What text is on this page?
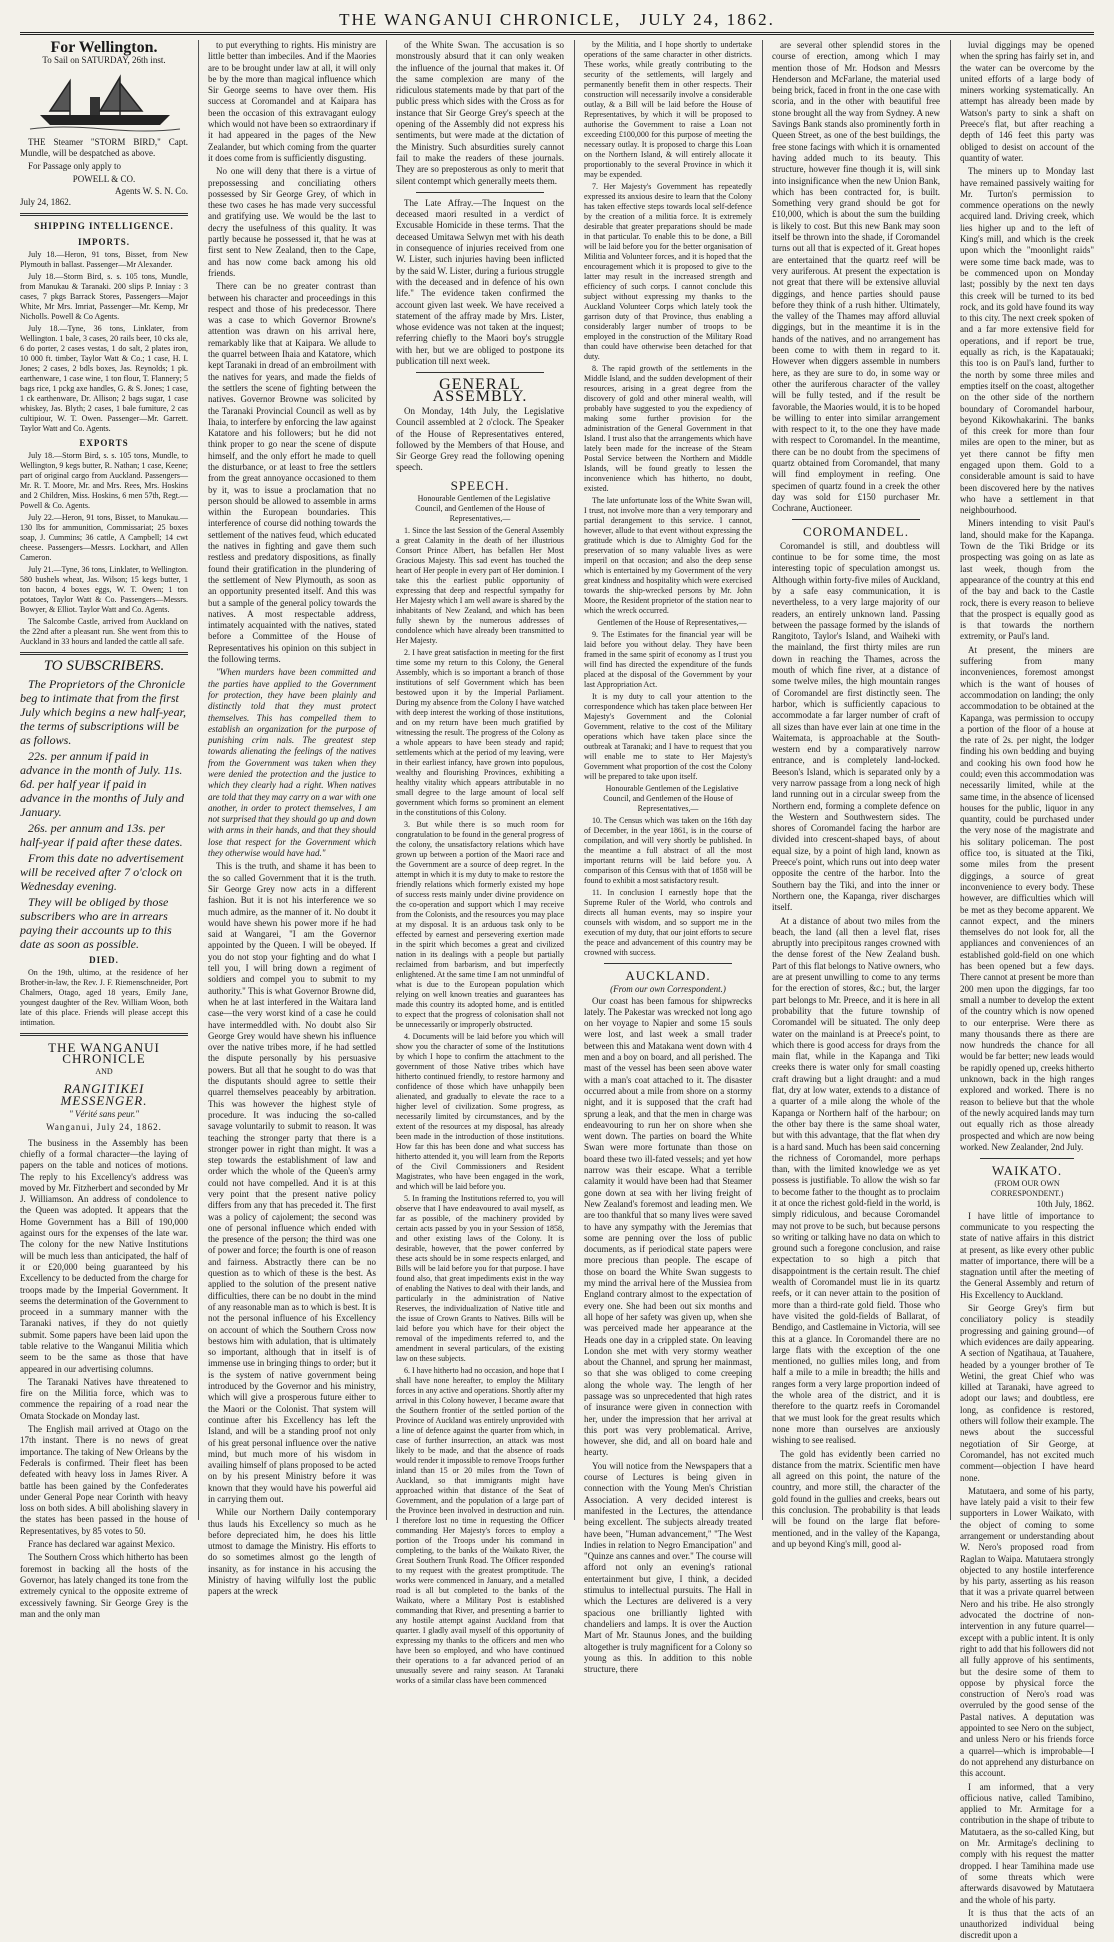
THE WANGANUI CHRONICLE, JULY 24, 1862.
For Wellington.
To Sail on SATURDAY, 26th inst.

THE Steamer "STORM BIRD," Capt. Mundle, will be despatched as above.

For Passage only apply to

POWELL & CO.
Agents W. S. N. Co.
July 24, 1862.
SHIPPING INTELLIGENCE.
IMPORTS.

July 18.—Heron, 91 tons, Bisset, from New Plymouth in ballast. Passenger—Mr Alexander.

July 18.—Storm Bird, s. s. 105 tons, Mundle, from Manukau & Taranaki. 200 slips P. Inniay : 3 cases, 7 pkgs Barrack Stores, Passengers—Major White, Mr Mrs. Imriat, Passenger—Mr. Kemp, Mr Nicholls. Powell & Co Agents.

July 18.—Tyne, 36 tons, Linklater, from Wellington. 1 bale, 3 cases, 20 rails beer, 10 cks ale, 6 do porter, 2 cases vestas, 1 do salt, 2 plates iron, 10 000 ft. timber, Taylor Watt & Co.; 1 case, H. I. Jones; 2 cases, 2 bdls boxes, Jas. Reynolds; 1 pk. earthenware, 1 case wine, 1 ton flour, T. Flannery; 5 bags rice, 1 pckg axe handles, G. & S. Jones; 1 case, 1 ck earthenware, Dr. Allison; 2 bags sugar, 1 case whiskey, Jas. Blyth; 2 cases, 1 bale furniture, 2 cas cultipiour, W. T. Owen. Passenger—Mr. Garrett. Taylor Watt and Co. Agents.

EXPORTS

July 18.—Storm Bird, s. s. 105 tons, Mundle, to Wellington, 9 kegs butter, R. Nathan; 1 case, Keene; part of original cargo from Auckland. Passengers—Mr. R. T. Moore, Mr. and Mrs. Rees, Mrs. Hoskins and 2 Children, Miss. Hoskins, 6 men 57th, Regt.—Powell & Co. Agents.

July 22.—Heron, 91 tons, Bisset, to Manukau.—130 lbs for ammunition, Commissariat; 25 boxes soap, J. Cummins; 36 cattle, A Campbell; 14 cwt cheese. Passengers—Messrs. Lockhart, and Allen Cameron.

July 21.—Tyne, 36 tons, Linklater, to Wellington. 580 bushels wheat, Jas. Wilson; 15 kegs butter, 1 ton bacon, 4 boxes eggs, W. T. Owen; 1 ton potatoes, Taylor Watt & Co. Passengers—Messrs. Bowyer, & Elliot. Taylor Watt and Co. Agents.

The Salcombe Castle, arrived from Auckland on the 22nd after a pleasant run. She went from this to Auckland in 33 hours and landed the cattle all safe.

TO SUBSCRIBERS.

The Proprietors of the Chronicle beg to intimate that from the first July which begins a new half-year, the terms of subscriptions will be as follows.

22s. per annum if paid in advance in the month of July. 11s. 6d. per half year if paid in advance in the months of July and January.

26s. per annum and 13s. per half-year if paid after these dates.

From this date no advertisement will be received after 7 o'clock on Wednesday evening.

They will be obliged by those subscribers who are in arrears paying their accounts up to this date as soon as possible.

DIED.

On the 19th, ultimo, at the residence of her Brother-in-law, the Rev. J. F. Riemenschneider, Port Chalmers, Otago, aged 18 years, Emily Jane, youngest daughter of the Rev. William Woon, both late of this place. Friends will please accept this intimation.

THE WANGANUI CHRONICLE
AND
RANGITIKEI MESSENGER.
" Vérité sans peur."
Wanganui, July 24, 1862.

The business in the Assembly has been chiefly of a formal character—the laying of papers on the table and notices of motions. The reply to his Excellency's address was moved by Mr. Fitzherbert and seconded by Mr J. Williamson. An address of condolence to the Queen was adopted. It appears that the Home Government has a Bill of 190,000 against ours for the expenses of the late war. The colony for the new Native Institutions will be much less than anticipated, the half of it or £20,000 being guaranteed by his Excellency to be deducted from the charge for troops made by the Imperial Government. It seems the determination of the Government to proceed in a summary manner with the Taranaki natives, if they do not quietly submit. Some papers have been laid upon the table relative to the Wanganui Militia which seem to be the same as those that have appeared in our advertising columns.

The Taranaki Natives have threatened to fire on the Militia force, which was to commence the repairing of a road near the Omata Stockade on Monday last.

The English mail arrived at Otago on the 17th instant. There is no news of great importance. The taking of New Orleans by the Federals is confirmed. Their fleet has been defeated with heavy loss in James River. A battle has been gained by the Confederates under General Pope near Corinth with heavy loss on both sides. A bill abolishing slavery in the states has been passed in the house of Representatives, by 85 votes to 50.

France has declared war against Mexico.

The Southern Cross which hitherto has been foremost in backing all the hosts of the Governor, has lately changed its tone from the extremely cynical to the opposite extreme of excessively fawning. Sir George Grey is the man and the only man

to put everything to rights. His ministry are little better than imbeciles. And if the Maories are to be brought under law at all, it will only be by the more than magical influence which Sir George seems to have over them. His success at Coromandel and at Kaipara has been the occasion of this extravagant eulogy which would not have been so extraordinary if it had appeared in the pages of the New Zealander, but which coming from the quarter it does come from is sufficiently disgusting.

No one will deny that there is a virtue of prepossessing and conciliating others possessed by Sir George Grey, of which in these two cases he has made very successful and gratifying use. We would be the last to decry the usefulness of this quality. It was partly because he possessed it, that he was at first sent to New Zealand, then to the Cape, and has now come back among his old friends.

There can be no greater contrast than between his character and proceedings in this respect and those of his predecessor. There was a case to which Governor Browne's attention was drawn on his arrival here, remarkably like that at Kaipara. We allude to the quarrel between Ihaia and Katatore, which kept Taranaki in dread of an embroilment with the natives for years, and made the fields of the settlers the scene of fighting between the natives. Governor Browne was solicited by the Taranaki Provincial Council as well as by Ihaia, to interfere by enforcing the law against Katatore and his followers; but he did not think proper to go near the scene of dispute himself, and the only effort he made to quell the disturbance, or at least to free the settlers from the great annoyance occasioned to them by it, was to issue a proclamation that no person should be allowed to assemble in arms within the European boundaries. This interference of course did nothing towards the settlement of the natives feud, which educated the natives in fighting and gave them such restless and predatory dispositions, as finally found their gratification in the plundering of the settlement of New Plymouth, as soon as an opportunity presented itself. And this was but a sample of the general policy towards the natives. A most respectable address, intimately acquainted with the natives, stated before a Committee of the House of Representatives his opinion on this subject in the following terms.

"When murders have been committed and the parties have applied to the Government for protection, they have been plainly and distinctly told that they must protect themselves. This has compelled them to establish an organization for the purpose of punishing crim nals. The greatest step towards alienating the feelings of the natives from the Government was taken when they were denied the protection and the justice to which they clearly had a right. When natives are told that they may carry on a war with one another, in order to protect themselves, I am not surprised that they should go up and down with arms in their hands, and that they should lose that respect for the Government which they otherwise would have had."

This is the truth, and shame it has been to the so called Government that it is the truth. Sir George Grey now acts in a different fashion. But it is not his interference we so much admire, as the manner of it. No doubt it would have shewn his power more if he had said at Wangarei, "I am the Governor appointed by the Queen. I will be obeyed. If you do not stop your fighting and do what I tell you, I will bring down a regiment of soldiers and compel you to submit to my authority." This is what Governor Browne did, when he at last interfered in the Waitara land case—the very worst kind of a case he could have intermeddled with. No doubt also Sir George Grey would have shewn his influence over the native tribes more, if he had settled the dispute personally by his persuasive powers. But all that he sought to do was that the disputants should agree to settle their quarrel themselves peaceably by arbitration. This was however the highest style of procedure. It was inducing the so-called savage voluntarily to submit to reason. It was teaching the stronger party that there is a stronger power in right than might. It was a step towards the establishment of law and order which the whole of the Queen's army could not have compelled. And it is at this very point that the present native policy differs from any that has preceded it. The first was a policy of cajolement; the second was one of personal influence which ended with the presence of the person; the third was one of power and force; the fourth is one of reason and fairness. Abstractly there can be no question as to which of these is the best. As applied to the solution of the present native difficulties, there can be no doubt in the mind of any reasonable man as to which is best. It is not the personal influence of his Excellency on account of which the Southern Cross now bestows him with adulation, that is ultimately so important, although that in itself is of immense use in bringing things to order; but it is the system of native government being introduced by the Governor and his ministry, which will give a prosperous future either to the Maori or the Colonist. That system will continue after his Excellency has left the Island, and will be a standing proof not only of his great personal influence over the native mind, but much more of his wisdom in availing himself of plans proposed to be acted on by his present Ministry before it was known that they would have his powerful aid in carrying them out.

While our Northern Daily contemporary thus lauds his Excellency so much as he before depreciated him, he does his little utmost to damage the Ministry. His efforts to do so sometimes almost go the length of insanity, as for instance in his accusing the Ministry of having wilfully lost the public papers at the wreck

of the White Swan. The accusation is so monstrously absurd that it can only weaken the influence of the journal that makes it. Of the same complexion are many of the ridiculous statements made by that part of the public press which sides with the Cross as for instance that Sir George Grey's speech at the opening of the Assembly did not express his sentiments, but were made at the dictation of the Ministry. Such absurdities surely cannot fail to make the readers of these journals. They are so preposterous as only to merit that silent contempt which generally meets them.

The Late Affray.—The Inquest on the deceased maori resulted in a verdict of Excusable Homicide in these terms. That the deceased Umitawa Selwyn met with his death in consequence of injuries received from one W. Lister, such injuries having been inflicted by the said W. Lister, during a furious struggle with the deceased and in defence of his own life." The evidence taken confirmed the account given last week. We have received a statement of the affray made by Mrs. Lister, whose evidence was not taken at the inquest; referring chiefly to the Maori boy's struggle with her, but we are obliged to postpone its publication till next week.

GENERAL ASSEMBLY.

On Monday, 14th July, the Legislative Council assembled at 2 o'clock. The Speaker of the House of Representatives entered, followed by the Members of that House, and Sir George Grey read the following opening speech.

SPEECH.

Honourable Gentlemen of the Legislative Council, and Gentlemen of the House of Representatives,—

1. Since the last Session of the General Assembly a great Calamity in the death of her illustrious Consort Prince Albert, has befallen Her Most Gracious Majesty. This sad event has touched the heart of Her people in every part of Her dominion. I take this the earliest public opportunity of expressing that deep and respectful sympathy for Her Majesty which I am well aware is shared by the inhabitants of New Zealand, and which has been fully shewn by the numerous addresses of condolence which have already been transmitted to Her Majesty.

2. I have great satisfaction in meeting for the first time some my return to this Colony, the General Assembly, which is so important a branch of those institutions of self Government which has been bestowed upon it by the Imperial Parliament. During my absence from the Colony I have watched with deep interest the working of those institutions, and on my return have been much gratified by witnessing the result. The progress of the Colony as a whole appears to have been steady and rapid; settlements which at the period of my leaving, were in their earliest infancy, have grown into populous, wealthy and flourishing Provinces, exhibiting a healthy vitality which appears attributable in no small degree to the large amount of local self government which forms so prominent an element in the constitutions of this Colony.

3. But while there is so much room for congratulation to be found in the general progress of the colony, the unsatisfactory relations which have grown up between a portion of the Maori race and the Government are a source of deep regret. In the attempt in which it is my duty to make to restore the friendly relations which formerly existed my hope of success rests mainly under divine providence on the co-operation and support which I may receive from the Colonists, and the resources you may place at my disposal. It is an arduous task only to be effected by earnest and persevering exertion made in the spirit which becomes a great and civilized nation in its dealings with a people but partially reclaimed from barbarism, and but imperfectly enlightened. At the same time I am not unmindful of what is due to the European population which relying on well known treaties and guarantees has made this country its adopted home, and is entitled to expect that the progress of colonisation shall not be unnecessarily or improperly obstructed.

4. Documents will be laid before you which will show you the character of some of the Institutions by which I hope to confirm the attachment to the government of those Native tribes which have hitherto continued friendly, to restore harmony and confidence of those which have unhappily been alienated, and gradually to elevate the race to a higher level of civilization. Some progress, as necessarily limited by circumstances, and by the extent of the resources at my disposal, has already been made in the introduction of those institutions. How far this has been done and what success has hitherto attended it, you will learn from the Reports of the Civil Commissioners and Resident Magistrates, who have been engaged in the work, and which will be laid before you.

5. In framing the Institutions referred to, you will observe that I have endeavoured to avail myself, as far as possible, of the machinery provided by certain acts passed by you in your Session of 1858, and other existing laws of the Colony. It is desirable, however, that the power conferred by these acts should be in some respects enlarged, and Bills will be laid before you for that purpose. I have found also, that great impediments exist in the way of enabling the Natives to deal with their lands, and particularly in the administration of Native Reserves, the individualization of Native title and the issue of Crown Grants to Natives. Bills will be laid before you which have for their object the removal of the impediments referred to, and the amendment in several particulars, of the existing law on these subjects.

6. I have hitherto had no occasion, and hope that I shall have none hereafter, to employ the Military forces in any active and operations. Shortly after my arrival in this Colony however, I became aware that the Southern frontier of the settled portion of the Province of Auckland was entirely unprovided with a line of defence against the quarter from which, in case of further insurrection, an attack was most likely to be made, and that the absence of roads would render it impossible to remove Troops further inland than 15 or 20 miles from the Town of Auckland, so that immigrants might have approached within that distance of the Seat of Government, and the population of a large part of the Province been involved in destruction and ruin. I therefore lost no time in requesting the Officer commanding Her Majesty's forces to employ a portion of the Troops under his command in completing, to the banks of the Waikato River, the Great Southern Trunk Road. The Officer responded to my request with the greatest promptitude. The works were commenced in January, and a metalled road is all but completed to the banks of the Waikato, where a Military Post is established commanding that River, and presenting a barrier to any hostile attempt against Auckland from that quarter. I gladly avail myself of this opportunity of expressing my thanks to the officers and men who have been so employed, and who have continued their operations to a far advanced period of an unusually severe and rainy season. At Taranaki works of a similar class have been commenced

by the Militia, and I hope shortly to undertake operations of the same character in other districts. These works, while greatly contributing to the security of the settlements, will largely and permanently benefit them in other respects. Their construction will necessarily involve a considerable outlay, & a Bill will be laid before the House of Representatives, by which it will be proposed to authorise the Government to raise a Loan not exceeding £100,000 for this purpose of meeting the necessary outlay. It is proposed to charge this Loan on the Northern Island, & will entirely allocate it proportionably to the several Province in which it may be expended.

7. Her Majesty's Government has repeatedly expressed its anxious desire to learn that the Colony has taken effective steps towards local self-defence by the creation of a militia force. It is extremely desirable that greater preparations should be made in that particular. To enable this to be done, a Bill will be laid before you for the better organisation of Militia and Volunteer forces, and it is hoped that the encouragement which it is proposed to give to the latter may result in the increased strength and efficiency of such corps. I cannot conclude this subject without expressing my thanks to the Auckland Volunteer Corps which lately took the garrison duty of that Province, thus enabling a considerably larger number of troops to be employed in the construction of the Military Road than could have otherwise been detached for that duty.

8. The rapid growth of the settlements in the Middle Island, and the sudden development of their resources, arising in a great degree from the discovery of gold and other mineral wealth, will probably have suggested to you the expediency of making some further provision for the administration of the General Government in that Island. I trust also that the arrangements which have lately been made for the increase of the Steam Postal Service between the Northern and Middle Islands, will be found greatly to lessen the inconvenience which has hitherto, no doubt, existed.

The late unfortunate loss of the White Swan will, I trust, not involve more than a very temporary and partial derangement to this service. I cannot, however, allude to that event without expressing the gratitude which is due to Almighty God for the preservation of so many valuable lives as were imperil on that occasion; and also the deep sense which is entertained by my Government of the very great kindness and hospitality which were exercised towards the ship-wrecked persons by Mr. John Moore, the Resident proprietor of the station near to which the wreck occurred.

Gentlemen of the House of Representatives,—

9. The Estimates for the financial year will be laid before you without delay. They have been framed in the same spirit of economy as I trust you will find has directed the expenditure of the funds placed at the disposal of the Government by your last Appropriation Act.

It is my duty to call your attention to the correspondence which has taken place between Her Majesty's Government and the Colonial Government, relative to the cost of the Military operations which have taken place since the outbreak at Taranaki; and I have to request that you will enable me to state to Her Majesty's Government what proportion of the cost the Colony will be prepared to take upon itself.

Honourable Gentlemen of the Legislative Council, and Gentlemen of the House of Representatives,—

10. The Census which was taken on the 16th day of December, in the year 1861, is in the course of compilation, and will very shortly be published. In the meantime a full abstract of all the most important returns will be laid before you. A comparison of this Census with that of 1858 will be found to exhibit a most satisfactory result.

11. In conclusion I earnestly hope that the Supreme Ruler of the World, who controls and directs all human events, may so inspire your counsels with wisdom, and so support me in the execution of my duty, that our joint efforts to secure the peace and advancement of this country may be crowned with success.

AUCKLAND.
(From our own Correspondent.)

Our coast has been famous for shipwrecks lately. The Pakestar was wrecked not long ago on her voyage to Napier and some 15 souls were lost, and last week a small trader between this and Matakana went down with 4 men and a boy on board, and all perished. The mast of the vessel has been seen above water with a man's coat attached to it. The disaster occurred about a mile from shore on a stormy night, and it is supposed that the craft had sprung a leak, and that the men in charge was endeavouring to run her on shore when she went down. The parties on board the White Swan were more fortunate than those on board these two ill-fated vessels; and yet how narrow was their escape. What a terrible calamity it would have been had that Steamer gone down at sea with her living freight of New Zealand's foremost and leading men. We are too thankful that so many lives were saved to have any sympathy with the Jeremias that some are penning over the loss of public documents, as if periodical state papers were more precious than people. The escape of those on board the White Swan suggests to my mind the arrival here of the Mussiea from England contrary almost to the expectation of every one. She had been out six months and all hope of her safety was given up, when she was perceived made her appearance at the Heads one day in a crippled state. On leaving London she met with very stormy weather about the Channel, and sprung her mainmast, so that she was obliged to come creeping along the whole way. The length of her passage was so unprecedented that high rates of insurance were given in connection with her, under the impression that her arrival at this port was very problematical. Arrive, however, she did, and all on board hale and hearty.

You will notice from the Newspapers that a course of Lectures is being given in connection with the Young Men's Christian Association. A very decided interest is manifested in the Lectures, the attendance being excellent. The subjects already treated have been, "Human advancement," "The West Indies in relation to Negro Emancipation" and "Quinze ans cannes and over." The course will afford not only an evening's rational entertainment but give, I think, a decided stimulus to intellectual pursuits. The Hall in which the Lectures are delivered is a very spacious one brilliantly lighted with chandeliers and lamps. It is over the Auction Mart of Mr. Staunus Jones, and the building altogether is truly magnificent for a Colony so young as this. In addition to this noble structure, there

are several other splendid stores in the course of erection, among which I may mention those of Mr. Hodson and Messrs Henderson and McFarlane, the material used being brick, faced in front in the one case with scoria, and in the other with beautiful free stone brought all the way from Sydney. A new Savings Bank stands also prominently forth in Queen Street, as one of the best buildings, the free stone facings with which it is ornamented having added much to its beauty. This structure, however fine though it is, will sink into insignificance when the new Union Bank, which has been contracted for, is built. Something very grand should be got for £10,000, which is about the sum the building is likely to cost. But this new Bank may soon itself be thrown into the shade, if Coromandel turns out all that is expected of it. Great hopes are entertained that the quartz reef will be very auriferous. At present the expectation is not great that there will be extensive alluvial diggings, and hence parties should pause before they think of a rush hither. Ultimately, the valley of the Thames may afford alluvial diggings, but in the meantime it is in the hands of the natives, and no arrangement has been come to with them in regard to it. However when diggers assemble in numbers here, as they are sure to do, in some way or other the auriferous character of the valley will be fully tested, and if the result be favorable, the Maories would, it is to be hoped be willing to enter into similar arrangement with respect to it, to the one they have made with respect to Coromandel. In the meantime, there can be no doubt from the specimens of quartz obtained from Coromandel, that many will find employment in reefing. One specimen of quartz found in a creek the other day was sold for £150 purchaser Mr. Cochrane, Auctioneer.

COROMANDEL.

Coromandel is still, and doubtless will continue to be for some time, the most interesting topic of speculation amongst us. Although within forty-five miles of Auckland, by a safe easy communication, it is nevertheless, to a very large majority of our readers, an entirely unknown land. Passing between the passage formed by the islands of Rangitoto, Taylor's Island, and Waiheki with the mainland, the first thirty miles are run down in reaching the Thames, across the mouth of which fine river, at a distance of some twelve miles, the high mountain ranges of Coromandel are first distinctly seen. The harbor, which is sufficiently capacious to accommodate a far larger number of craft of all sizes than have ever lain at one time in the Waitemata, is approachable at the South-western end by a comparatively narrow entrance, and is completely land-locked. Beeson's Island, which is separated only by a very narrow passage from a long neck of high land running out in a circular sweep from the Northern end, forming a complete defence on the Western and Southwestern sides. The shores of Coromandel facing the harbor are divided into crescent-shaped bays, of about equal size, by a point of high land, known as Preece's point, which runs out into deep water opposite the centre of the harbor. Into the Southern bay the Tiki, and into the inner or Northern one, the Kapanga, river discharges itself.

At a distance of about two miles from the beach, the land (all then a level flat, rises abruptly into precipitous ranges crowned with the dense forest of the New Zealand bush. Part of this flat belongs to Native owners, who are at present unwilling to come to any terms for the erection of stores, &c.; but, the larger part belongs to Mr. Preece, and it is here in all probability that the future township of Coromandel will be situated. The only deep water on the mainland is at Preece's point, to which there is good access for drays from the main flat, while in the Kapanga and Tiki creeks there is water only for small coasting craft drawing but a light draught: and a mud flat, dry at low water, extends to a distance of a quarter of a mile along the whole of the Kapanga or Northern half of the harbour; on the other bay there is the same shoal water, but with this advantage, that the flat when dry is a hard sand. Much has been said concerning the richness of Coromandel, more perhaps than, with the limited knowledge we as yet possess is justifiable. To allow the wish so far to become father to the thought as to proclaim it at once the richest gold-field in the world, is simply ridiculous, and because Coromandel may not prove to be such, but because persons so writing or talking have no data on which to ground such a foregone conclusion, and raise expectation to so high a pitch that disappointment is the certain result. The chief wealth of Coromandel must lie in its quartz reefs, or it can never attain to the position of more than a third-rate gold field. Those who have visited the gold-fields of Ballarat, of Bendigo, and Castlemaine in Victoria, will see this at a glance. In Coromandel there are no large flats with the exception of the one mentioned, no gullies miles long, and from half a mile to a mile in breadth; the hills and ranges form a very large proportion indeed of the whole area of the district, and it is therefore to the quartz reefs in Coromandel that we must look for the great results which none more than ourselves are anxiously wishing to see realised.

The gold has evidently been carried no distance from the matrix. Scientific men have all agreed on this point, the nature of the country, and more still, the character of the gold found in the gullies and creeks, bears out this conclusion. The probability is that leads will be found on the large flat before-mentioned, and in the valley of the Kapanga, and up beyond King's mill, good al-

luvial diggings may be opened when the spring has fairly set in, and the water can be overcome by the united efforts of a large body of miners working systematically. An attempt has already been made by Watson's party to sink a shaft on Preece's flat, but after reaching a depth of 146 feet this party was obliged to desist on account of the quantity of water.

The miners up to Monday last have remained passively waiting for Mr. Turton's permission to commence operations on the newly acquired land. Driving creek, which lies higher up and to the left of King's mill, and which is the creek upon which the "moonlight raids" were some time back made, was to be commenced upon on Monday last; possibly by the next ten days this creek will be turned to its bed rock, and its gold have found its way to this city. The next creek spoken of and a far more extensive field for operations, and if report be true, equally as rich, is the Kapatauaki; this too is on Paul's land, further to the north by some three miles and empties itself on the coast, altogether on the other side of the northern boundary of Coromandel harbour, beyond Kikowhakarini. The banks of this creek for more than four miles are open to the miner, but as yet there cannot be fifty men engaged upon them. Gold to a considerable amount is said to have been discovered here by the natives who have a settlement in that neighbourhood.

Miners intending to visit Paul's land, should make for the Kapanga. Town de the Tiki Bridge or its prospecting was going on as late as last week, though from the appearance of the country at this end of the bay and back to the Castle rock, there is every reason to believe that the prospect is equally good as is that towards the northern extremity, or Paul's land.

At present, the miners are suffering from many inconveniences, foremost amongst which is the want of houses of accommodation on landing; the only accommodation to be obtained at the Kapanga, was permission to occupy a portion of the floor of a house at the rate of 2s. per night, the lodger finding his own bedding and buying and cooking his own food how he could; even this accommodation was necessarily limited, while at the same time, in the absence of licensed houses for the public, liquor in any quantity, could be purchased under the very nose of the magistrate and his solitary policeman. The post office too, is situated at the Tiki, some miles from the present diggings, a source of great inconvenience to every body. These however, are difficulties which will be met as they become apparent. We cannot expect, and the miners themselves do not look for, all the appliances and conveniences of an established gold-field on one which has been opened but a few days. There cannot at present be more than 200 men upon the diggings, far too small a number to develop the extent of the country which is now opened to our enterprise. Were there as many thousands there as there are now hundreds the chance for all would be far better; new leads would be rapidly opened up, creeks hitherto unknown, back in the high ranges explored and worked. There is no reason to believe but that the whole of the newly acquired lands may turn out equally rich as those already prospected and which are now being worked. New Zealander, 2nd July.

WAIKATO.
(FROM OUR OWN CORRESPONDENT.)
10th July, 1862.

I have little of importance to communicate to you respecting the state of native affairs in this district at present, as like every other public matter of importance, there will be a stagnation until after the meeting of the General Assembly and return of His Excellency to Auckland.

Sir George Grey's firm but conciliatory policy is steadily progressing and gaining ground—of which evidences are daily appearing. A section of Ngatihaua, at Tauahere, headed by a younger brother of Te Wetini, the great Chief who was killed at Taranaki, have agreed to adopt our laws; and doubtless, ere long, as confidence is restored, others will follow their example. The news about the successful negotiation of Sir George, at Coromandel, has not excited much comment—objection I have heard none.

Matutaera, and some of his party, have lately paid a visit to their few supporters in Lower Waikato, with the object of coming to some arrangement or understanding about W. Nero's proposed road from Raglan to Waipa. Matutaera strongly objected to any hostile interference by his party, asserting as his reason that it was a private quarrel between Nero and his tribe. He also strongly advocated the doctrine of non-intervention in any future quarrel—except with a public intent. It is only right to add that his followers did not all fully approve of his sentiments, but the desire some of them to oppose by physical force the construction of Nero's road was overruled by the good sense of the Pastal natives. A deputation was appointed to see Nero on the subject, and unless Nero or his friends force a quarrel—which is improbable—I do not apprehend any disturbance on this account.

I am informed, that a very officious native, called Tamibino, applied to Mr. Armitage for a contribution in the shape of tribute to Matutaera, as the so-called King, but on Mr. Armitage's declining to comply with his request the matter dropped. I hear Tamihina made use of some threats which were afterwards disavowed by Matutaera and the whole of his party.

It is thus that the acts of an unauthorized individual being discredit upon a
